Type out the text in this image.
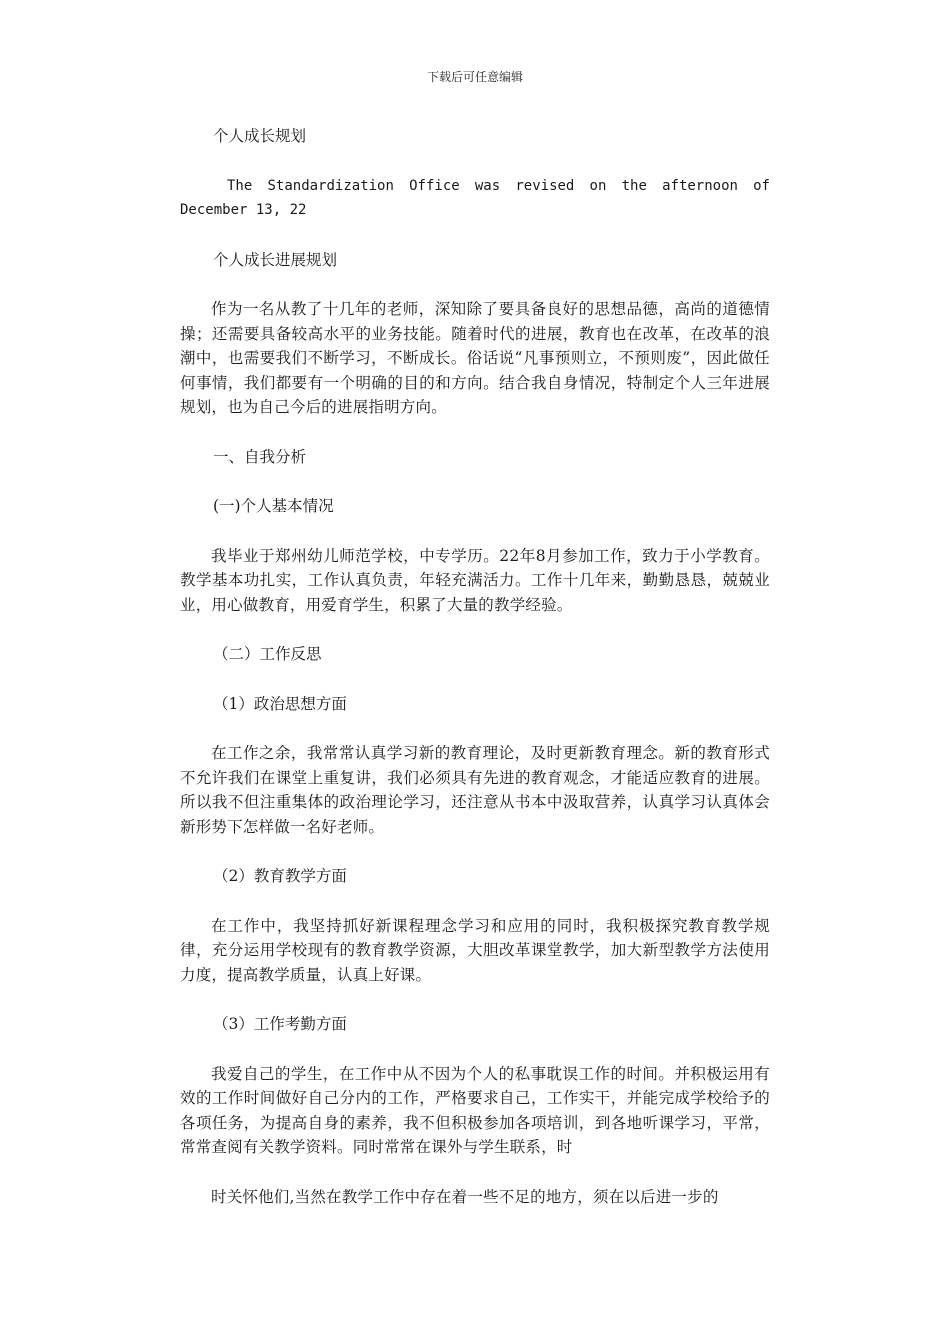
下载后可任意编辑

个人成长规划

The Standardization Office was revised on the afternoon of December 13, 22

个人成长进展规划

作为一名从教了十几年的老师，深知除了要具备良好的思想品德，高尚的道德情操；还需要具备较高水平的业务技能。随着时代的进展，教育也在改革，在改革的浪潮中，也需要我们不断学习，不断成长。俗话说“凡事预则立，不预则废”，因此做任何事情，我们都要有一个明确的目的和方向。结合我自身情况，特制定个人三年进展规划，也为自己今后的进展指明方向。

一、自我分析

(一)个人基本情况

我毕业于郑州幼儿师范学校，中专学历。22年8月参加工作，致力于小学教育。教学基本功扎实，工作认真负责，年轻充满活力。工作十几年来，勤勤恳恳，兢兢业业，用心做教育，用爱育学生，积累了大量的教学经验。

（二）工作反思

（1）政治思想方面

在工作之余，我常常认真学习新的教育理论，及时更新教育理念。新的教育形式不允许我们在课堂上重复讲，我们必须具有先进的教育观念，才能适应教育的进展。所以我不但注重集体的政治理论学习，还注意从书本中汲取营养，认真学习认真体会新形势下怎样做一名好老师。

（2）教育教学方面

在工作中，我坚持抓好新课程理念学习和应用的同时，我积极探究教育教学规律，充分运用学校现有的教育教学资源，大胆改革课堂教学，加大新型教学方法使用力度，提高教学质量，认真上好课。

（3）工作考勤方面

我爱自己的学生，在工作中从不因为个人的私事耽误工作的时间。并积极运用有效的工作时间做好自己分内的工作，严格要求自己，工作实干，并能完成学校给予的各项任务，为提高自身的素养，我不但积极参加各项培训，到各地听课学习，平常，常常查阅有关教学资料。同时常常在课外与学生联系，时

时关怀他们,当然在教学工作中存在着一些不足的地方，须在以后进一步的
